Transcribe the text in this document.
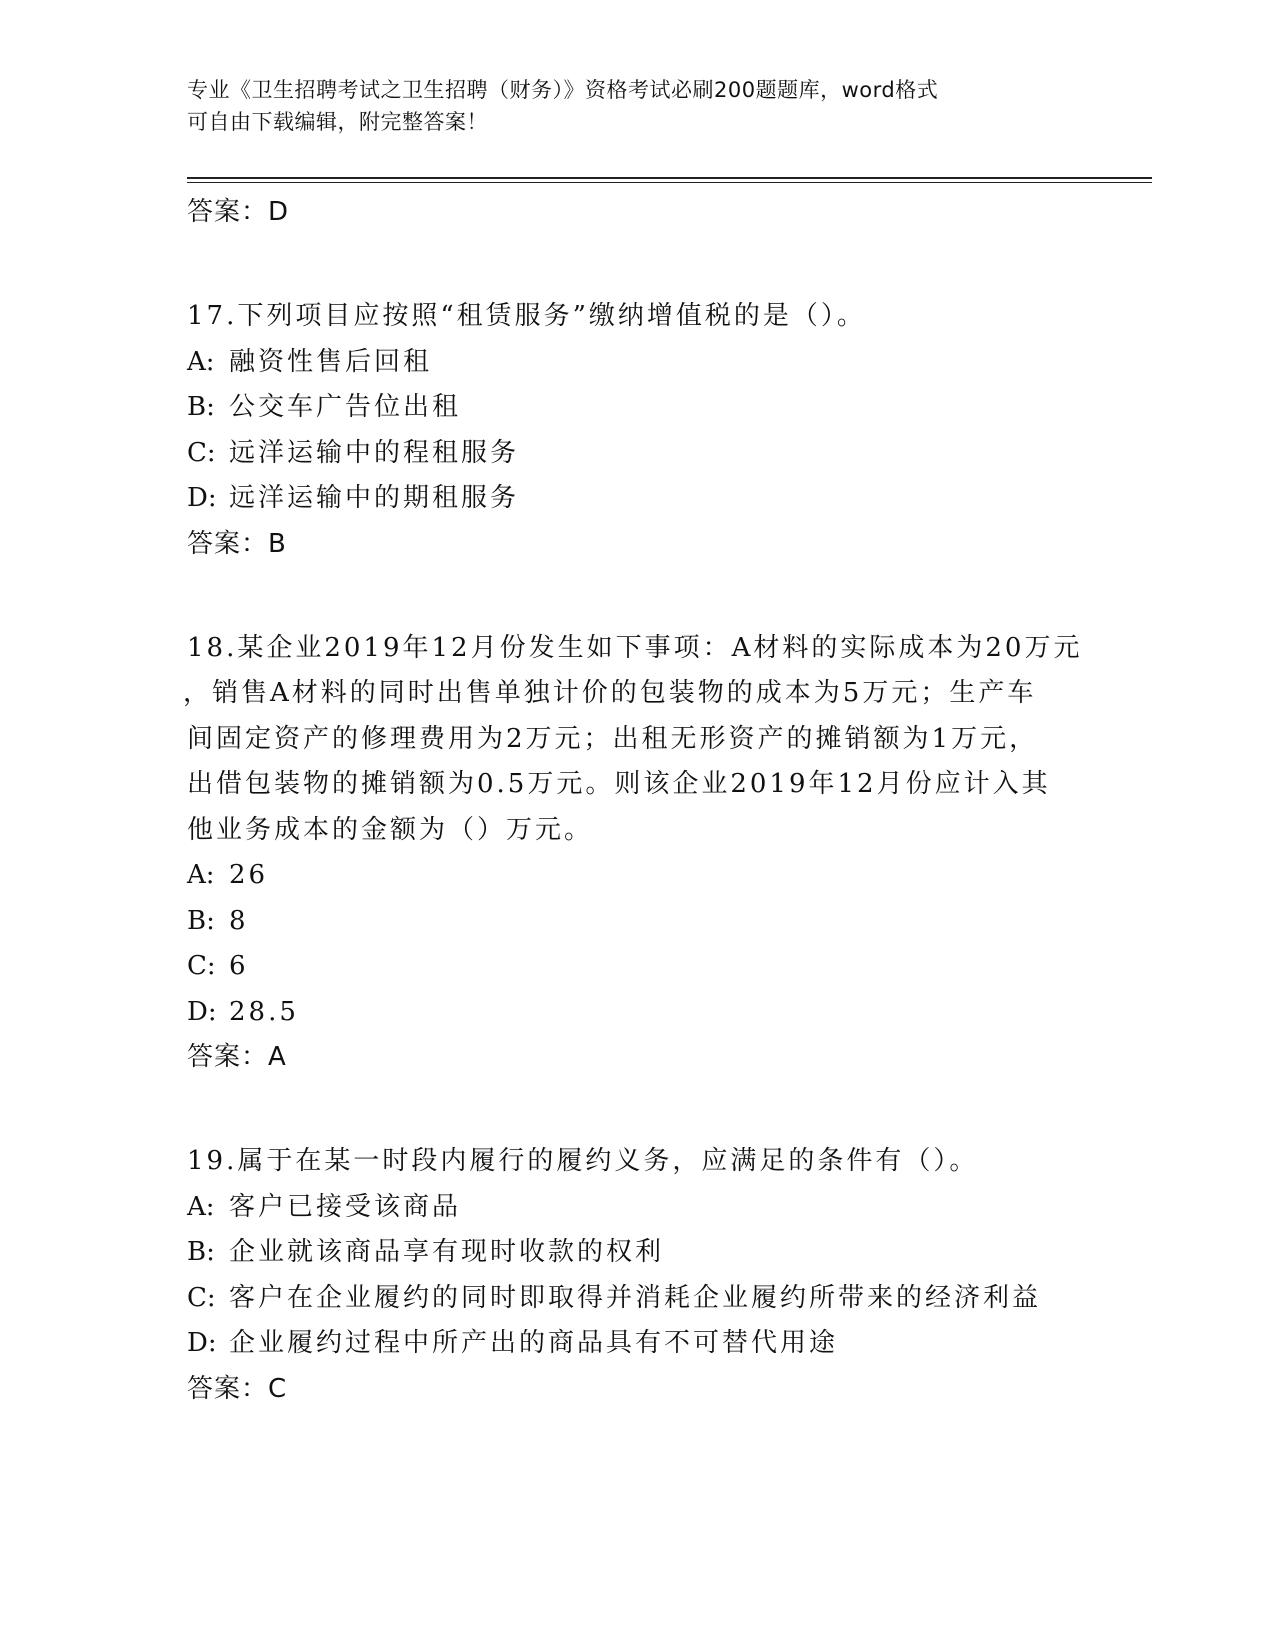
专业《卫生招聘考试之卫生招聘（财务）》资格考试必刷200题题库，word格式
可自由下载编辑，附完整答案！
答案：D
17.下列项目应按照“租赁服务”缴纳增值税的是（）。
A: 融资性售后回租
B: 公交车广告位出租
C: 远洋运输中的程租服务
D: 远洋运输中的期租服务
答案：B
18.某企业2019年12月份发生如下事项：A材料的实际成本为20万元
，销售A材料的同时出售单独计价的包装物的成本为5万元；生产车
间固定资产的修理费用为2万元；出租无形资产的摊销额为1万元，
出借包装物的摊销额为0.5万元。则该企业2019年12月份应计入其
他业务成本的金额为（）万元。
A: 26
B: 8
C: 6
D: 28.5
答案：A
19.属于在某一时段内履行的履约义务，应满足的条件有（）。
A: 客户已接受该商品
B: 企业就该商品享有现时收款的权利
C: 客户在企业履约的同时即取得并消耗企业履约所带来的经济利益
D: 企业履约过程中所产出的商品具有不可替代用途
答案：C
